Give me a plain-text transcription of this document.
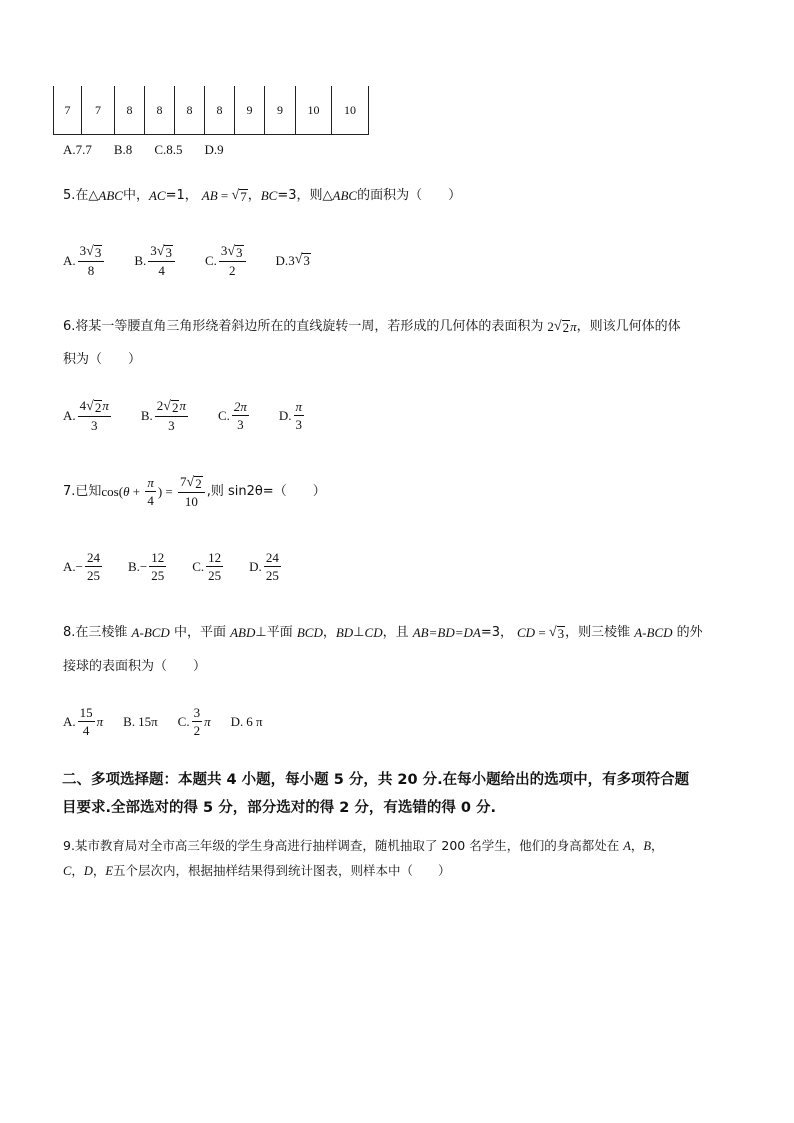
7	7	8	8	8	8	9	9	10	10
A.7.7 B.8 C.8.5 D.9
5.在△ ABC 中， AC =1， AB = √ 7 ， BC =3，则△ ABC 的面积为（　　）
A. $\frac{3 √ 3}{8} B$. $\frac{3 √ 3}{4} C$. $\frac{3 √ 3}{2} D$. 3 √ 3
6.将某一等腰直角三角形绕着斜边所在的直线旋转一周，若形成的几何体的表面积为 2 √ 2 π ，则该几何体的体
积为（　　）
A. $\frac{4 √ 2 \pi}{3} B$. $\frac{2 √ 2 \pi}{3} C$. $\frac{2\pi}{3} D$. $\frac{\pi}{3}$
7.已知 cos( $\theta + \frac{\pi}{4}$ ) = $\frac{7 √ 2}{10}$ ,则 sin2θ=（　　）
A. − $\frac{24}{25} B$. − $\frac{12}{25} C$. $\frac{12}{25} D$. $\frac{24}{25}$
8.在三棱锥 A-BCD 中，平面 ABD ⊥平面 BCD ， BD ⊥ CD ，且 AB=BD=DA =3， CD = √ 3 ，则三棱锥 A-BCD 的外
接球的表面积为（　　）
A. $\frac{15}{4}$ π B. 15π C. $\frac{3}{2}$ π D. 6 π
二、多项选择题：本题共 4 小题，每小题 5 分，共 20 分.在每小题给出的选项中，有多项符合题
目要求.全部选对的得 5 分，部分选对的得 2 分，有选错的得 0 分.
9.某市教育局对全市高三年级的学生身高进行抽样调查，随机抽取了 200 名学生，他们的身高都处在 A，B，
C，D，E五个层次内，根据抽样结果得到统计图表，则样本中（　　）
